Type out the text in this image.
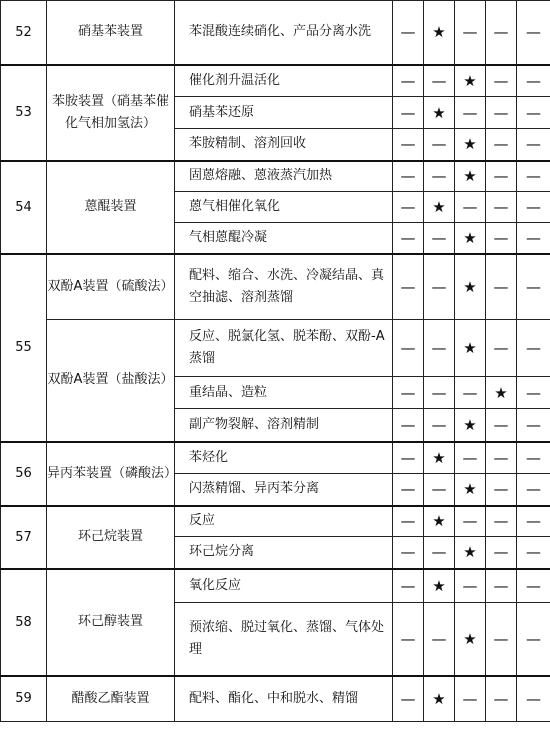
52	硝基苯装置	苯混酸连续硝化、产品分离水洗	—	★	—	—	—
53	苯胺装置（硝基苯催化气相加氢法）	催化剂升温活化	—	—	★	—	—
		硝基苯还原	—	★	—	—	—
		苯胺精制、溶剂回收	—	—	★	—	—
54	蒽醌装置	固蒽熔融、蒽液蒸汽加热	—	—	★	—	—
		蒽气相催化氧化	—	★	—	—	—
		气相蒽醌冷凝	—	—	★	—	—
55	双酚A装置（硫酸法）	配料、缩合、水洗、冷凝结晶、真空抽滤、溶剂蒸馏	—	—	★	—	—
	双酚A装置（盐酸法）	反应、脱氯化氢、脱苯酚、双酚-A蒸馏	—	—	★	—	—
		重结晶、造粒	—	—	—	★	—
		副产物裂解、溶剂精制	—	—	★	—	—
56	异丙苯装置（磷酸法）	苯烃化	—	★	—	—	—
		闪蒸精馏、异丙苯分离	—	—	★	—	—
57	环己烷装置	反应	—	★	—	—	—
		环己烷分离	—	—	★	—	—
58	环己醇装置	氧化反应	—	★	—	—	—
		预浓缩、脱过氧化、蒸馏、气体处理	—	—	★	—	—
59	醋酸乙酯装置	配料、酯化、中和脱水、精馏	—	★	—	—	—
